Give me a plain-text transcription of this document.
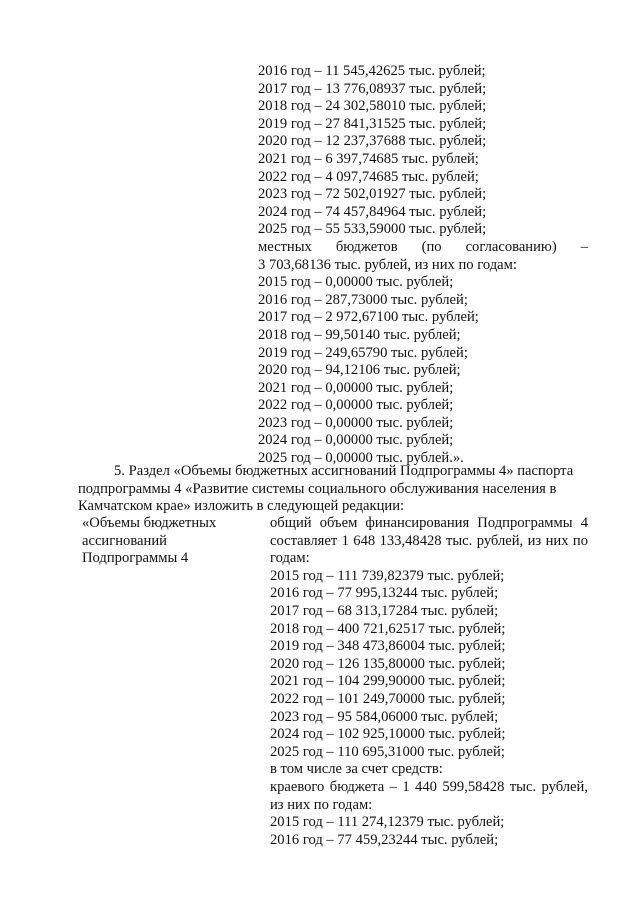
2016 год – 11 545,42625 тыс. рублей;
2017 год – 13 776,08937 тыс. рублей;
2018 год – 24 302,58010 тыс. рублей;
2019 год – 27 841,31525 тыс. рублей;
2020 год – 12 237,37688 тыс. рублей;
2021 год – 6 397,74685 тыс. рублей;
2022 год – 4 097,74685 тыс. рублей;
2023 год – 72 502,01927 тыс. рублей;
2024 год – 74 457,84964 тыс. рублей;
2025 год – 55 533,59000 тыс. рублей;
местных бюджетов (по согласованию) –
3 703,68136 тыс. рублей, из них по годам:
2015 год – 0,00000 тыс. рублей;
2016 год – 287,73000 тыс. рублей;
2017 год – 2 972,67100 тыс. рублей;
2018 год – 99,50140 тыс. рублей;
2019 год – 249,65790 тыс. рублей;
2020 год – 94,12106 тыс. рублей;
2021 год – 0,00000 тыс. рублей;
2022 год – 0,00000 тыс. рублей;
2023 год – 0,00000 тыс. рублей;
2024 год – 0,00000 тыс. рублей;
2025 год – 0,00000 тыс. рублей.».
5. Раздел «Объемы бюджетных ассигнований Подпрограммы 4» паспорта
подпрограммы 4 «Развитие системы социального обслуживания населения в
Камчатском крае» изложить в следующей редакции:
«Объемы бюджетных
ассигнований
Подпрограммы 4
общий объем финансирования Подпрограммы 4 составляет 1 648 133,48428 тыс. рублей, из них по годам:
2015 год – 111 739,82379 тыс. рублей;
2016 год – 77 995,13244 тыс. рублей;
2017 год – 68 313,17284 тыс. рублей;
2018 год – 400 721,62517 тыс. рублей;
2019 год – 348 473,86004 тыс. рублей;
2020 год – 126 135,80000 тыс. рублей;
2021 год – 104 299,90000 тыс. рублей;
2022 год – 101 249,70000 тыс. рублей;
2023 год – 95 584,06000 тыс. рублей;
2024 год – 102 925,10000 тыс. рублей;
2025 год – 110 695,31000 тыс. рублей;
в том числе за счет средств:
краевого бюджета – 1 440 599,58428 тыс. рублей, из них по годам:
2015 год – 111 274,12379 тыс. рублей;
2016 год – 77 459,23244 тыс. рублей;
